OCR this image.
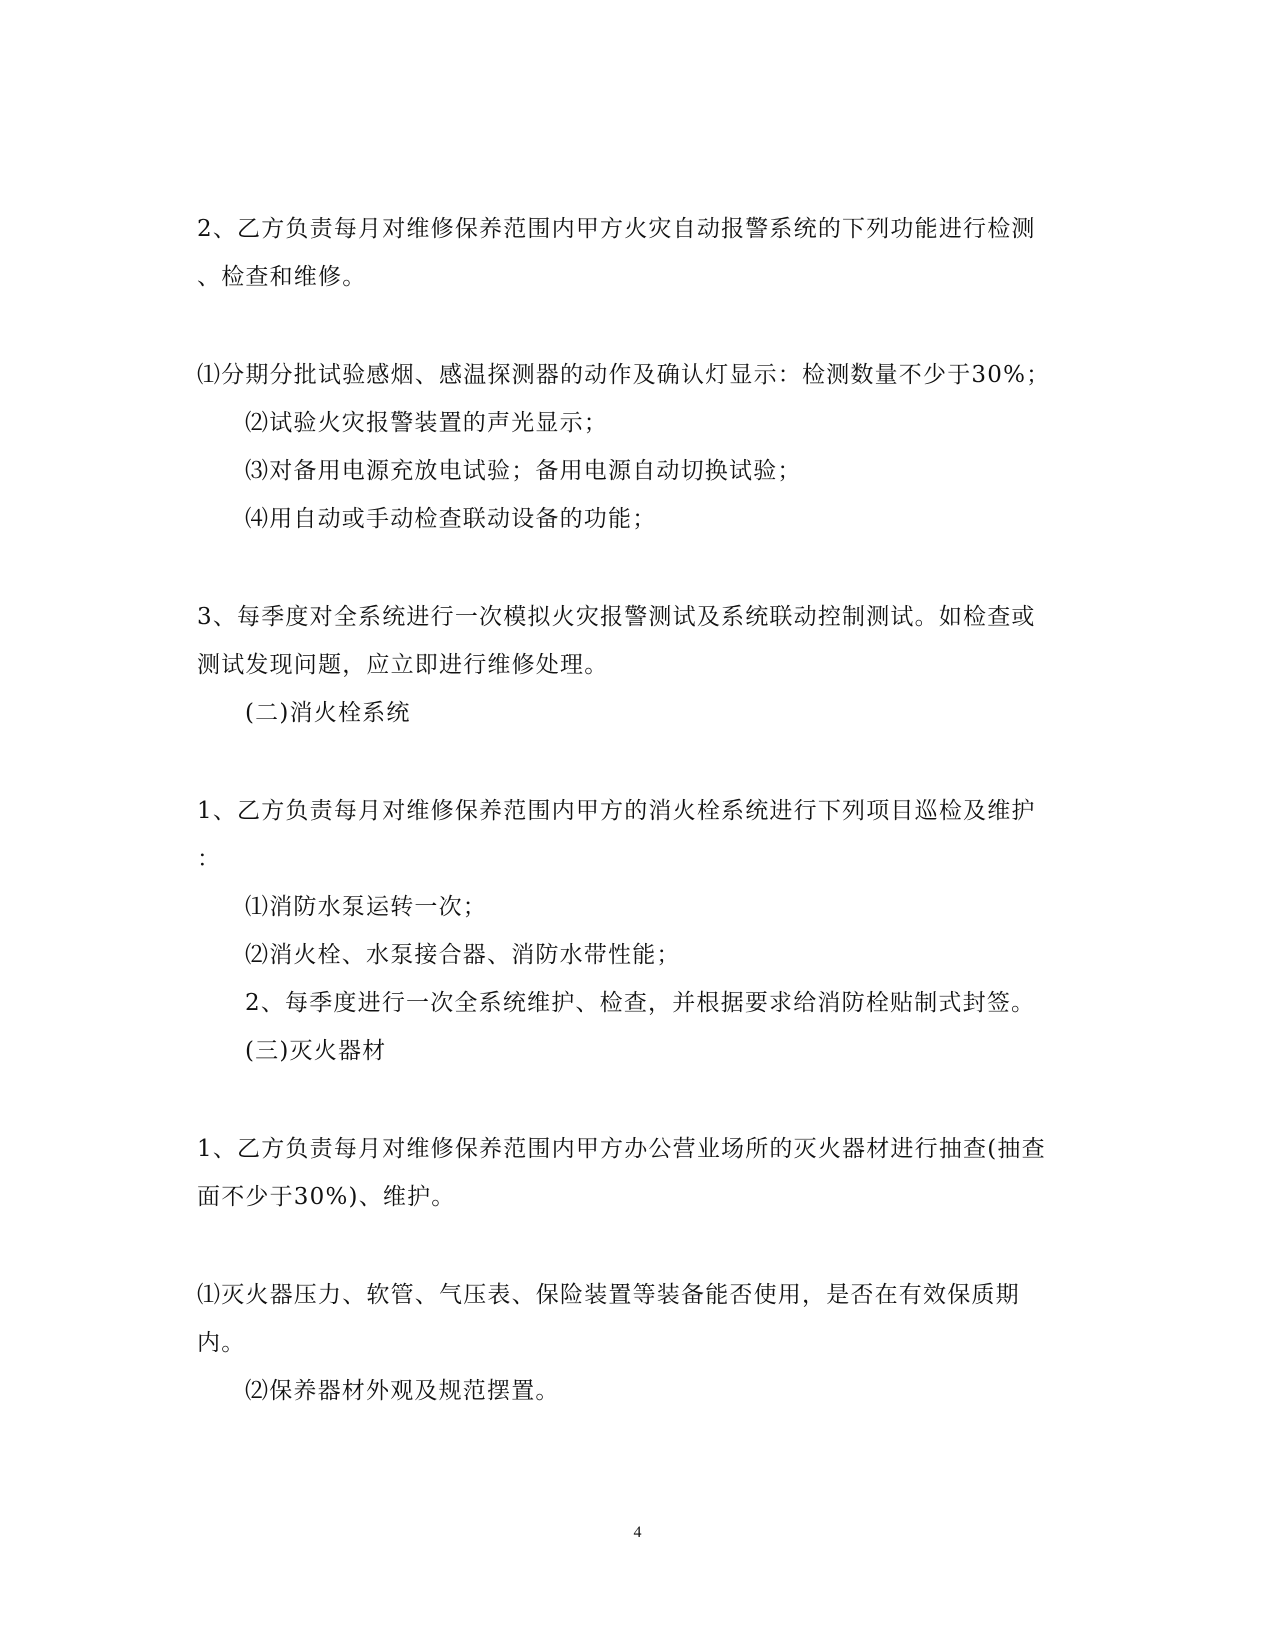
2、乙方负责每月对维修保养范围内甲方火灾自动报警系统的下列功能进行检测
、检查和维修。
⑴分期分批试验感烟、感温探测器的动作及确认灯显示：检测数量不少于30%；
⑵试验火灾报警装置的声光显示；
⑶对备用电源充放电试验；备用电源自动切换试验；
⑷用自动或手动检查联动设备的功能；
3、每季度对全系统进行一次模拟火灾报警测试及系统联动控制测试。如检查或
测试发现问题，应立即进行维修处理。
(二)消火栓系统
1、乙方负责每月对维修保养范围内甲方的消火栓系统进行下列项目巡检及维护
：
⑴消防水泵运转一次；
⑵消火栓、水泵接合器、消防水带性能；
2、每季度进行一次全系统维护、检查，并根据要求给消防栓贴制式封签。
(三)灭火器材
1、乙方负责每月对维修保养范围内甲方办公营业场所的灭火器材进行抽查(抽查
面不少于30%)、维护。
⑴灭火器压力、软管、气压表、保险装置等装备能否使用，是否在有效保质期
内。
⑵保养器材外观及规范摆置。
4
